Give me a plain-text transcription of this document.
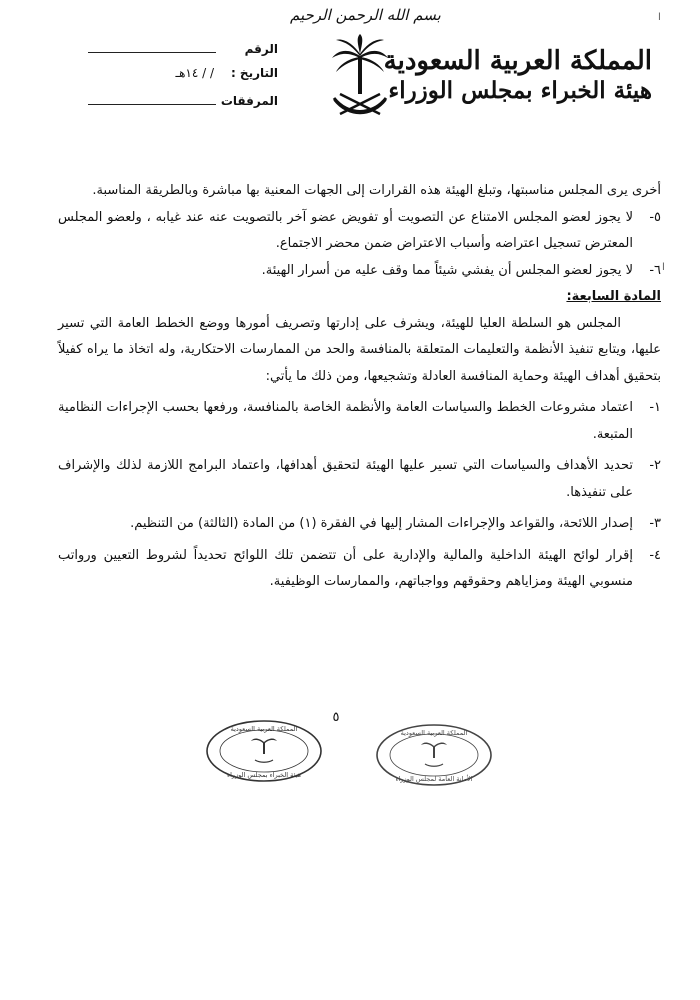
بسم الله الرحمن الرحيم
المملكة العربية السعودية
هيئة الخبراء بمجلس الوزراء
الرقم
التاريخ :
/ / ١٤هـ
المرفقات
ا
ا

أخرى يرى المجلس مناسبتها، وتبلغ الهيئة هذه القرارات إلى الجهات المعنية بها مباشرة وبالطريقة المناسبة.

٥-
لا يجوز لعضو المجلس الامتناع عن التصويت أو تفويض عضو آخر بالتصويت عنه عند غيابه ، ولعضو المجلس المعترض تسجيل اعتراضه وأسباب الاعتراض ضمن محضر الاجتماع.

٦-
لا يجوز لعضو المجلس أن يفشي شيئاً مما وقف عليه من أسرار الهيئة.

المادة السابعة:

المجلس هو السلطة العليا للهيئة، ويشرف على إدارتها وتصريف أمورها ووضع الخطط العامة التي تسير عليها، ويتابع تنفيذ الأنظمة والتعليمات المتعلقة بالمنافسة والحد من الممارسات الاحتكارية، وله اتخاذ ما يراه كفيلاً بتحقيق أهداف الهيئة وحماية المنافسة العادلة وتشجيعها، ومن ذلك ما يأتي:

١-
اعتماد مشروعات الخطط والسياسات العامة والأنظمة الخاصة بالمنافسة، ورفعها بحسب الإجراءات النظامية المتبعة.

٢-
تحديد الأهداف والسياسات التي تسير عليها الهيئة لتحقيق أهدافها، واعتماد البرامج اللازمة لذلك والإشراف على تنفيذها.

٣-
إصدار اللائحة، والقواعد والإجراءات المشار إليها في الفقرة (١) من المادة (الثالثة) من التنظيم.

٤-
إقرار لوائح الهيئة الداخلية والمالية والإدارية على أن تتضمن تلك اللوائح تحديداً لشروط التعيين ورواتب منسوبي الهيئة ومزاياهم وحقوقهم وواجباتهم، والممارسات الوظيفية.

٥
المملكة العربية السعودية
هيئة الخبراء بمجلس الوزراء
المملكة العربية السعودية
الأمانة العامة لمجلس الوزراء
